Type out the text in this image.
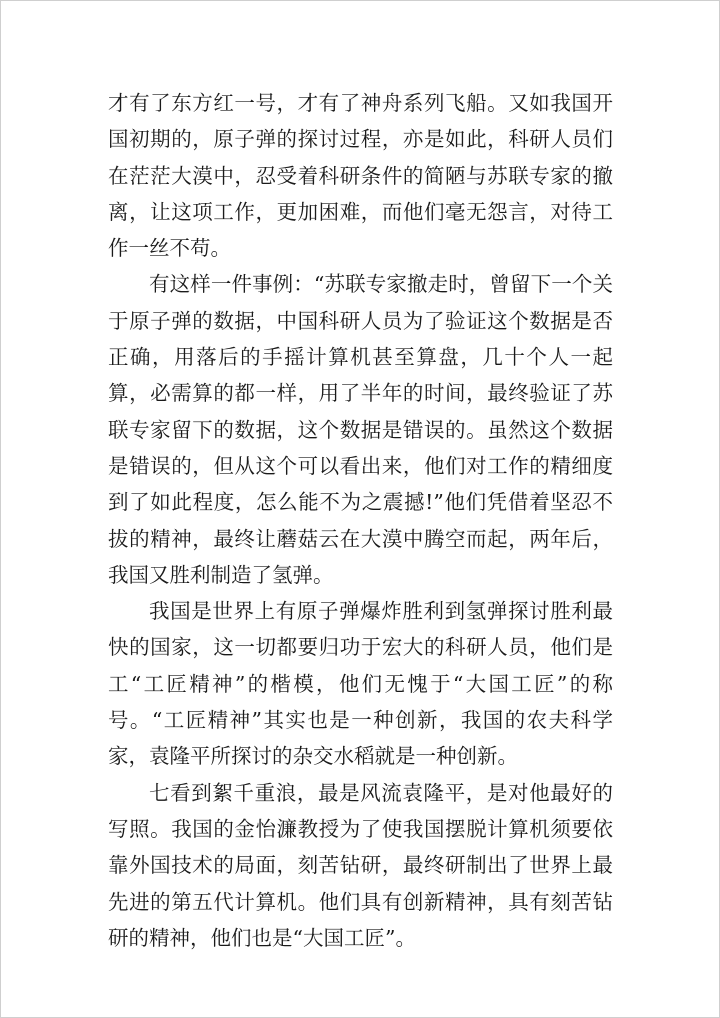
才有了东方红一号，才有了神舟系列飞船。又如我国开国初期的，原子弹的探讨过程，亦是如此，科研人员们在茫茫大漠中，忍受着科研条件的简陋与苏联专家的撤离，让这项工作，更加困难，而他们毫无怨言，对待工作一丝不苟。

有这样一件事例：“苏联专家撤走时，曾留下一个关于原子弹的数据，中国科研人员为了验证这个数据是否正确，用落后的手摇计算机甚至算盘，几十个人一起算，必需算的都一样，用了半年的时间，最终验证了苏联专家留下的数据，这个数据是错误的。虽然这个数据是错误的，但从这个可以看出来，他们对工作的精细度到了如此程度，怎么能不为之震撼!”他们凭借着坚忍不拔的精神，最终让蘑菇云在大漠中腾空而起，两年后，我国又胜利制造了氢弹。

我国是世界上有原子弹爆炸胜利到氢弹探讨胜利最快的国家，这一切都要归功于宏大的科研人员，他们是工“工匠精神”的楷模，他们无愧于“大国工匠”的称号。“工匠精神”其实也是一种创新，我国的农夫科学家，袁隆平所探讨的杂交水稻就是一种创新。

七看到絮千重浪，最是风流袁隆平，是对他最好的写照。我国的金怡濂教授为了使我国摆脱计算机须要依靠外国技术的局面，刻苦钻研，最终研制出了世界上最先进的第五代计算机。他们具有创新精神，具有刻苦钻研的精神，他们也是“大国工匠”。
